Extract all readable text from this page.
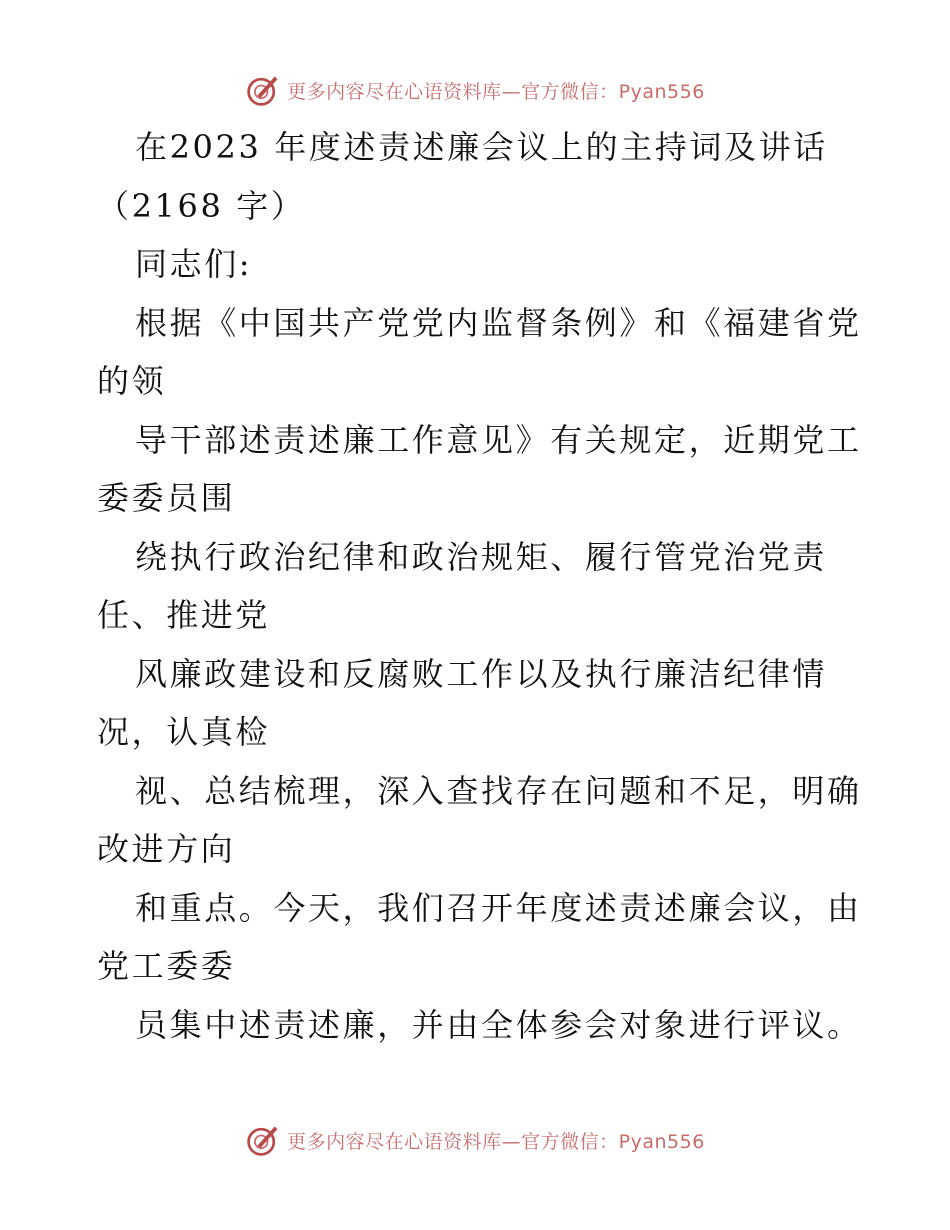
更多内容尽在心语资料库—官方微信：Pyan556
在2023 年度述责述廉会议上的主持词及讲话
（2168 字）
同志们:
根据《中国共产党党内监督条例》和《福建省党
的领
导干部述责述廉工作意见》有关规定，近期党工
委委员围
绕执行政治纪律和政治规矩、履行管党治党责
任、推进党
风廉政建设和反腐败工作以及执行廉洁纪律情
况，认真检
视、总结梳理，深入查找存在问题和不足，明确
改进方向
和重点。今天，我们召开年度述责述廉会议，由
党工委委
员集中述责述廉，并由全体参会对象进行评议。
更多内容尽在心语资料库—官方微信：Pyan556
